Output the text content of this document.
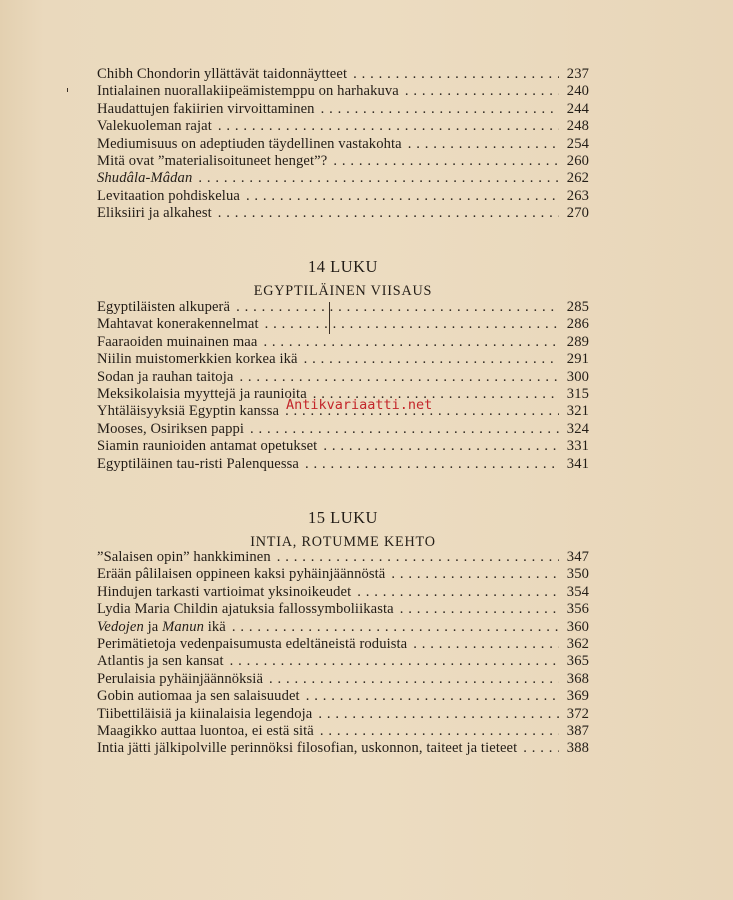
Chibh Chondorin yllättävät taidonnäytteet . . .	237
Intialainen nuorallakiipeämistemppu on harhakuva . . .	240
Haudattujen fakiirien virvoittaminen . . .	244
Valekuoleman rajat . . .	248
Mediumisuus on adeptiuden täydellinen vastakohta . . .	254
Mitä ovat ”materialisoituneet henget”? . . .	260
Shudâla-Mâdan . . .	262
Levitaation pohdiskelua . . .	263
Eliksiiri ja alkahest . . .	270
14 LUKU
EGYPTILÄINEN VIISAUS
Egyptiläisten alkuperä . . .	285
Mahtavat konerakennelmat . . .	286
Faaraoiden muinainen maa . . .	289
Niilin muistomerkkien korkea ikä . . .	291
Sodan ja rauhan taitoja . . .	300
Meksikolaisia myyttejä ja raunioita . . .	315
Yhtäläisyyksiä Egyptin kanssa . . .	321
Mooses, Osiriksen pappi . . .	324
Siamin raunioiden antamat opetukset . . .	331
Egyptiläinen tau-risti Palenquessa . . .	341
15 LUKU
INTIA, ROTUMME KEHTO
”Salaisen opin” hankkiminen . . .	347
Erään pâlilaisen oppineen kaksi pyhäinjäännöstä . . .	350
Hindujen tarkasti vartioimat yksinoikeudet . . .	354
Lydia Maria Childin ajatuksia fallossymboliikasta . . .	356
Vedojen ja Manun ikä . . .	360
Perimätietoja vedenpaisumusta edeltäneistä roduista . . .	362
Atlantis ja sen kansat . . .	365
Perulaisia pyhäinjäännöksiä . . .	368
Gobin autiomaa ja sen salaisuudet . . .	369
Tiibettiläisiä ja kiinalaisia legendoja . . .	372
Maagikko auttaa luontoa, ei estä sitä . . .	387
Intia jätti jälkipolville perinnöksi filosofian, uskonnon, taiteet ja tieteet . . .	388
Antikvariaatti.net
